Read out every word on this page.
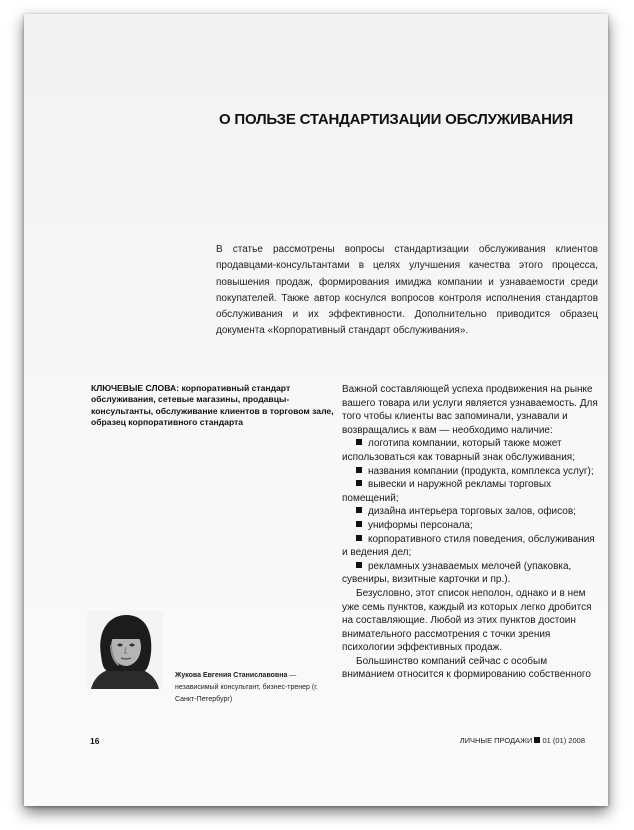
О ПОЛЬЗЕ СТАНДАРТИЗАЦИИ ОБСЛУЖИВАНИЯ
В статье рассмотрены вопросы стандартизации обслуживания клиентов продавцами-консультантами в целях улучшения качества этого процесса, повышения продаж, формирования имиджа компании и узнаваемости среди покупателей. Также автор коснулся вопросов контроля исполнения стандартов обслуживания и их эффективности. Дополнительно приводится образец документа «Корпоративный стандарт обслуживания».
КЛЮЧЕВЫЕ СЛОВА: корпоративный стандарт обслуживания, сетевые магазины, продавцы-консультанты, обслуживание клиентов в торговом зале, образец корпоративного стандарта

Важной составляющей успеха продвижения на рынке вашего товара или услуги является узнаваемость. Для того чтобы клиенты вас запоминали, узнавали и возвращались к вам — необходимо наличие:

логотипа компании, который также может использоваться как товарный знак обслуживания;

названия компании (продукта, комплекса услуг);

вывески и наружной рекламы торговых помещений;

дизайна интерьера торговых залов, офисов;

униформы персонала;

корпоративного стиля поведения, обслуживания и ведения дел;

рекламных узнаваемых мелочей (упаковка, сувениры, визитные карточки и пр.).

Безусловно, этот список неполон, однако и в нем уже семь пунктов, каждый из которых легко дробится на составляющие. Любой из этих пунктов достоин внимательного рассмотрения с точки зрения психологии эффективных продаж.

Большинство компаний сейчас с особым вниманием относится к формированию собственного

Жукова Евгения Станиславовна — независимый консультант, бизнес-тренер (г. Санкт-Петербург)
16	ЛИЧНЫЕ ПРОДАЖИ 01 (01) 2008
